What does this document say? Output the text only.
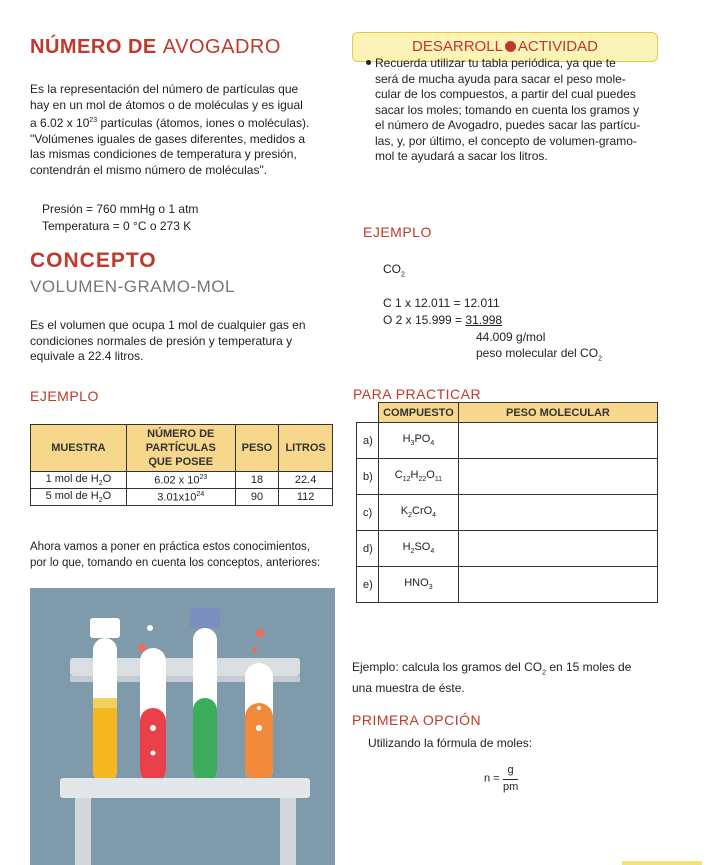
NÚMERO DE AVOGADRO	DESARROLL ACTIVIDAD
Es la representación del número de partículas que
hay en un mol de átomos o de moléculas y es igual
a 6.02 x $10^{23}$ partículas (átomos, iones o moléculas).
"Volúmenes iguales de gases diferentes, medidos a
las mismas condiciones de temperatura y presión,
contendrán el mismo número de moléculas".
Presión = 760 mmHg o 1 atm
Temperatura = 0 °C o 273 K
CONCEPTO
VOLUMEN-GRAMO-MOL
Es el volumen que ocupa 1 mol de cualquier gas en
condiciones normales de presión y temperatura y
equivale a 22.4 litros.
EJEMPLO
MUESTRA	NÚMERO DE
PARTÍCULAS
QUE POSEE	PESO	LITROS
1 mol de $H_2O$	6.02 x $10^{23}$	18	22.4
5 mol de $H_2O$	$3.01x10^{24}$	90	112
Ahora vamos a poner en práctica estos conocimientos,
por lo que, tomando en cuenta los conceptos, anteriores:
Recuerda utilizar tu tabla periódica, ya que te
será de mucha ayuda para sacar el peso mole-
cular de los compuestos, a partir del cual puedes
sacar los moles; tomando en cuenta los gramos y
el número de Avogadro, puedes sacar las partícu-
las, y, por último, el concepto de volumen-gramo-
mol te ayudará a sacar los litros.
EJEMPLO
$CO_2$
C 1 x 12.011 = 12.011
O 2 x 15.999 = 31.998
44.009 g/mol
peso molecular del $CO_2$
PARA PRACTICAR
	COMPUESTO	PESO MOLECULAR
a)	$H_3PO_4$	
b)	$C_{12}H_{22}O_{11}$	
c)	$K_2CrO_4$	
d)	$H_2SO_4$	
e)	$HNO_3$	
Ejemplo: calcula los gramos del $CO_2$ en 15 moles de
una muestra de éste.
PRIMERA OPCIÓN
Utilizando la fórmula de moles:
$n = \frac{g}{pm}$
